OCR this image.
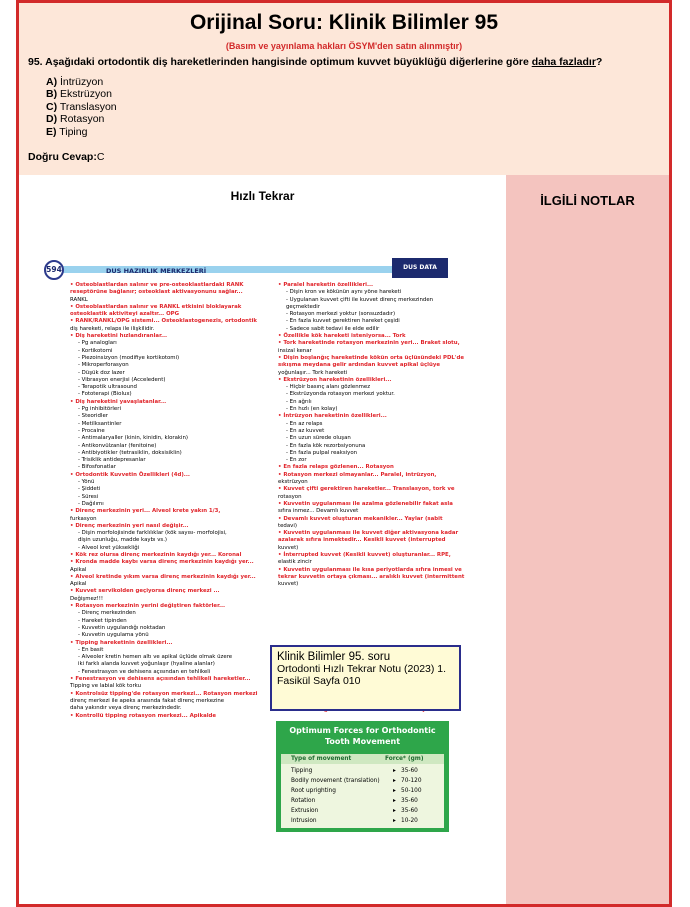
Orijinal Soru: Klinik Bilimler 95
(Basım ve yayınlama hakları ÖSYM'den satın alınmıştır)
95. Aşağıdaki ortodontik diş hareketlerinden hangisinde optimum kuvvet büyüklüğü diğerlerine göre daha fazladır?
A) İntrüzyon
B) Ekstrüzyon
C) Translasyon
D) Rotasyon
E) Tiping
Doğru Cevap:C
Hızlı Tekrar	İLGİLİ NOTLAR
DUS HAZIRLIK MERKEZLERİ
594	DUS DATA
• Osteoblastlardan salınır ve pre-osteoklastlardaki RANK
reseptörüne bağlanır; osteoklast aktivasyonunu sağlar...
RANKL
• Osteoblastlardan salınır ve RANKL etkisini bloklayarak
osteoklastik aktiviteyi azaltır... OPG
• RANK/RANKL/OPG sistemi... Osteoklastogenezis, ortodontik
diş hareketi, relaps ile ilişkilidir.
• Diş hareketini hızlandıranlar...
- Pg analogları
- Kortikotomi
- Piezoinsizyon (modifiye kortikotomi)
- Mikroperforasyon
- Düşük doz lazer
- Vibrasyon enerjisi (Acceledent)
- Terapotik ultrasound
- Fototerapi (Biolux)
• Diş hareketini yavaşlatanlar...
- Pg inhibitörleri
- Steoridler
- Metilksantinler
- Procaine
- Antimalaryaller (kinin, kinidin, klorakin)
- Antikonvülzanlar (fenitoine)
- Antibiyotikler (tetrasiklin, doksisiklin)
- Trisiklik antidepresanlar
- Bifosfonatlar
• Ortodontik Kuvvetin Özellikleri (4d)...
- Yönü
- Şiddeti
- Süresi
- Dağılımı
• Direnç merkezinin yeri... Alveol krete yakın 1/3,
furkasyon
• Direnç merkezinin yeri nasıl değişir...
- Dişin morfolojisinde farklılıklar (kök sayısı- morfolojisi,
dişin uzunluğu, madde kaybı vs.)
- Alveol kret yüksekliği
• Kök rez olursa direnç merkezinin kaydığı yer... Koronal
• Kronda madde kaybı varsa direnç merkezinin kaydığı yer...
Apikal
• Alveol kretinde yıkım varsa direnç merkezinin kaydığı yer...
Apikal
• Kuvvet servikolden geçiyorsa direnç merkezi ...
Değişmez!!!
• Rotasyon merkezinin yerini değiştiren faktörler...
- Direnç merkezinden
- Hareket tipinden
- Kuvvetin uygulandığı noktadan
- Kuvvetin uygulama yönü
• Tipping hareketinin özellikleri...
- En basit
- Alveoler kretin hemen altı ve apikal üçlüde olmak üzere
iki farklı alanda kuvvet yoğunlaşır (hyaline alanlar)
- Fenestrasyon ve dehisens açısından en tehlikeli
• Fenestrasyon ve dehisens açısından tehlikeli hareketler...
Tipping ve labial kök torku
• Kontrolsüz tipping'de rotasyon merkezi... Rotasyon merkezi
direnç merkezi ile apeks arasında fakat direnç merkezine
daha yakındır veya direnç merkezindedir.
• Kontrollü tipping rotasyon merkezi... Apikalde
• Paralel hareketin özellikleri...
- Dişin kron ve kökünün aynı yöne hareketi
- Uygulanan kuvvet çifti ile kuvvet direnç merkezinden
geçmektedir
- Rotasyon merkezi yoktur (sonsuzdadır)
- En fazla kuvvet gerektiren hareket çeşidi
- Sadece sabit tedavi ile elde edilir
• Özellikle kök hareketi isteniyorsa... Tork
• Tork hareketinde rotasyon merkezinin yeri... Braket slotu,
insizal kenar
• Dişin boşlanğıç hareketinde kökün orta üçlüsündeki PDL'de
sıkışma meydana gelir ardından kuvvet apikal üçlüye
yoğunlaşır... Tork hareketi
• Ekstrüzyon hareketinin özellikleri...
- Hiçbir basınç alanı gözlenmez
- Ekstrüzyonda rotasyon merkezi yoktur.
- En ağrılı
- En hızlı (en kolay)
• İntrüzyon hareketinin özellikleri...
- En az relaps
- En az kuvvet
- En uzun sürede oluşan
- En fazla kök rezorbsiyonuna
- En fazla pulpal reaksiyon
- En zor
• En fazla relaps gözlenen... Rotasyon
• Rotasyon merkezi olmayanlar... Paralel, intrüzyon,
ekstrüzyon
• Kuvvet çifti gerektiren hareketler... Translasyon, tork ve
rotasyon
• Kuvvetin uygulanması ile azalma gözlenebilir fakat asla
sıfıra inmez... Devamlı kuvvet
• Devamlı kuvvet oluşturan mekanikler... Yaylar (sabit
tedavi)
• Kuvvetin uygulanması ile kuvvet diğer aktivasyona kadar
azalarak sıfıra inmektedir... Kesikli kuvvet (interrupted
kuvvet)
• İnterrupted kuvvet (Kesikli kuvvet) oluşturanlar... RPE,
elastik zincir
• Kuvvetin uygulanması ile kısa periyotlarda sıfıra inmesi ve
tekrar kuvvetin ortaya çıkması... aralıklı kuvvet (intermittent
kuvvet)
Klinik Bilimler 95. soru
Ortodonti Hızlı Tekrar Notu (2023) 1.
Fasikül Sayfa 010
Optimum Forces for Orthodontic Tooth Movement
Type of movement	Force* (gm)
Tipping	▸ 35-60
Bodily movement (translation) ▸ 70-120
Root uprighting	▸ 50-100
Rotation	▸ 35-60
Extrusion	▸ 35-60
Intrusion	▸ 10-20
